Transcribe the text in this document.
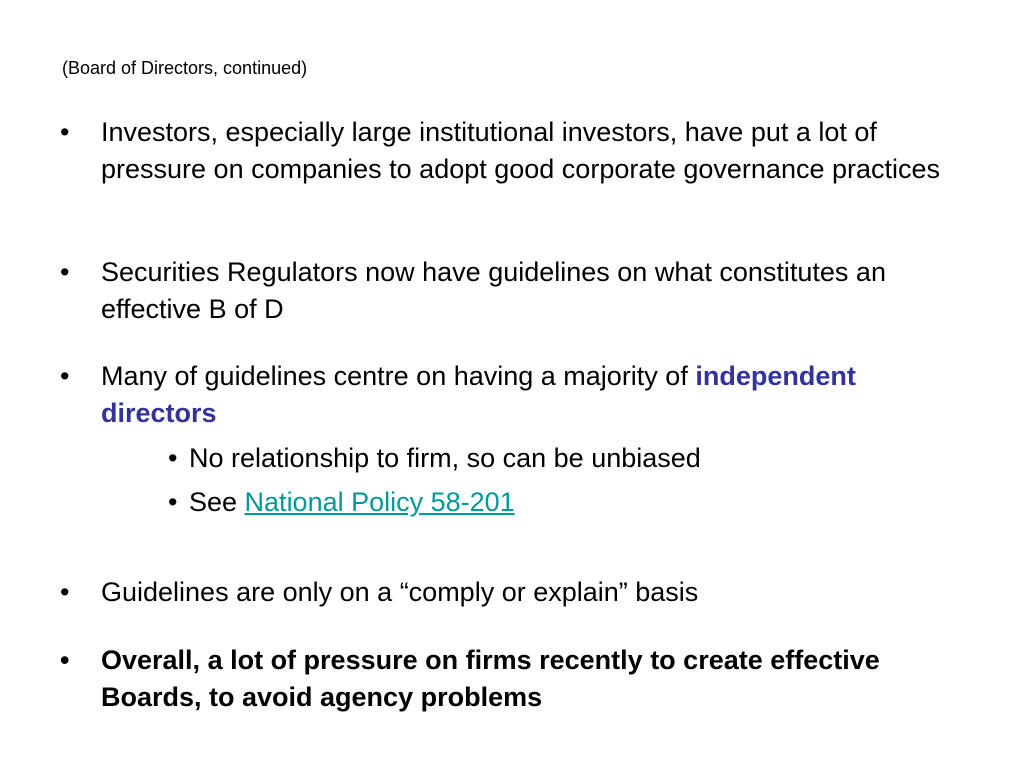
(Board of Directors, continued)

• Investors, especially large institutional investors, have put a lot of pressure on companies to adopt good corporate governance practices
• Securities Regulators now have guidelines on what constitutes an effective B of D
• Many of guidelines centre on having a majority of independent directors
• No relationship to firm, so can be unbiased
• See National Policy 58-201
• Guidelines are only on a “comply or explain” basis
• Overall, a lot of pressure on firms recently to create effective Boards, to avoid agency problems
